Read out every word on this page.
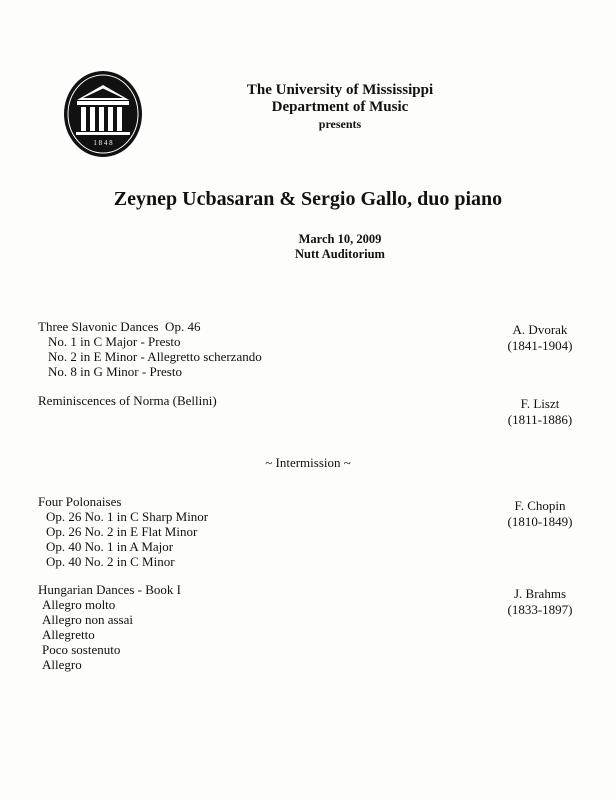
1 8 4 8
The University of Mississippi
Department of Music
presents
Zeynep Ucbasaran & Sergio Gallo, duo piano
March 10, 2009
Nutt Auditorium
Three Slavonic Dances  Op. 46
No. 1 in C Major - Presto
No. 2 in E Minor - Allegretto scherzando
No. 8 in G Minor - Presto
A. Dvorak
(1841-1904)
Reminiscences of Norma (Bellini)	F. Liszt
(1811-1886)
~ Intermission ~
Four Polonaises
Op. 26 No. 1 in C Sharp Minor
Op. 26 No. 2 in E Flat Minor
Op. 40 No. 1 in A Major
Op. 40 No. 2 in C Minor
F. Chopin
(1810-1849)
Hungarian Dances - Book I
Allegro molto
Allegro non assai
Allegretto
Poco sostenuto
Allegro
J. Brahms
(1833-1897)
